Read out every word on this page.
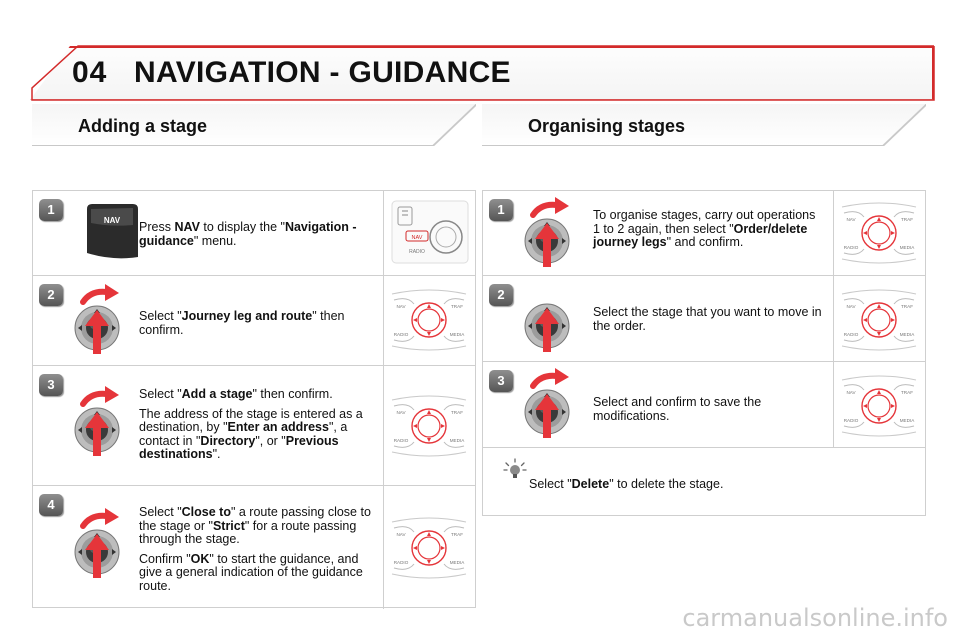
04 NAVIGATION - GUIDANCE
Adding a stage	Organising stages
1
NAV Press NAV to display the "Navigation - guidance" menu.	NAV
RADIO
2
Select "Journey leg and route" then confirm.
NAV	TRAF
RADIO	MEDIA
3

Select "Add a stage" then confirm.

The address of the stage is entered as a destination, by "Enter an address", a contact in "Directory", or "Previous destinations".

NAV	TRAF
RADIO	MEDIA
4	Select "Close to" a route passing close to the stage or "Strict" for a route passing through the stage.

Confirm "OK" to start the guidance, and give a general indication of the guidance route.

NAV	TRAF
RADIO	MEDIA
1	To organise stages, carry out operations 1 to 2 again, then select "Order/delete journey legs" and confirm.
NAV	TRAF
RADIO	MEDIA
2
Select the stage that you want to move in the order.
NAV	TRAF
RADIO	MEDIA
3
Select and confirm to save the modifications.
NAV	TRAF
RADIO	MEDIA
Select "Delete" to delete the stage.
carmanualsonline.info
